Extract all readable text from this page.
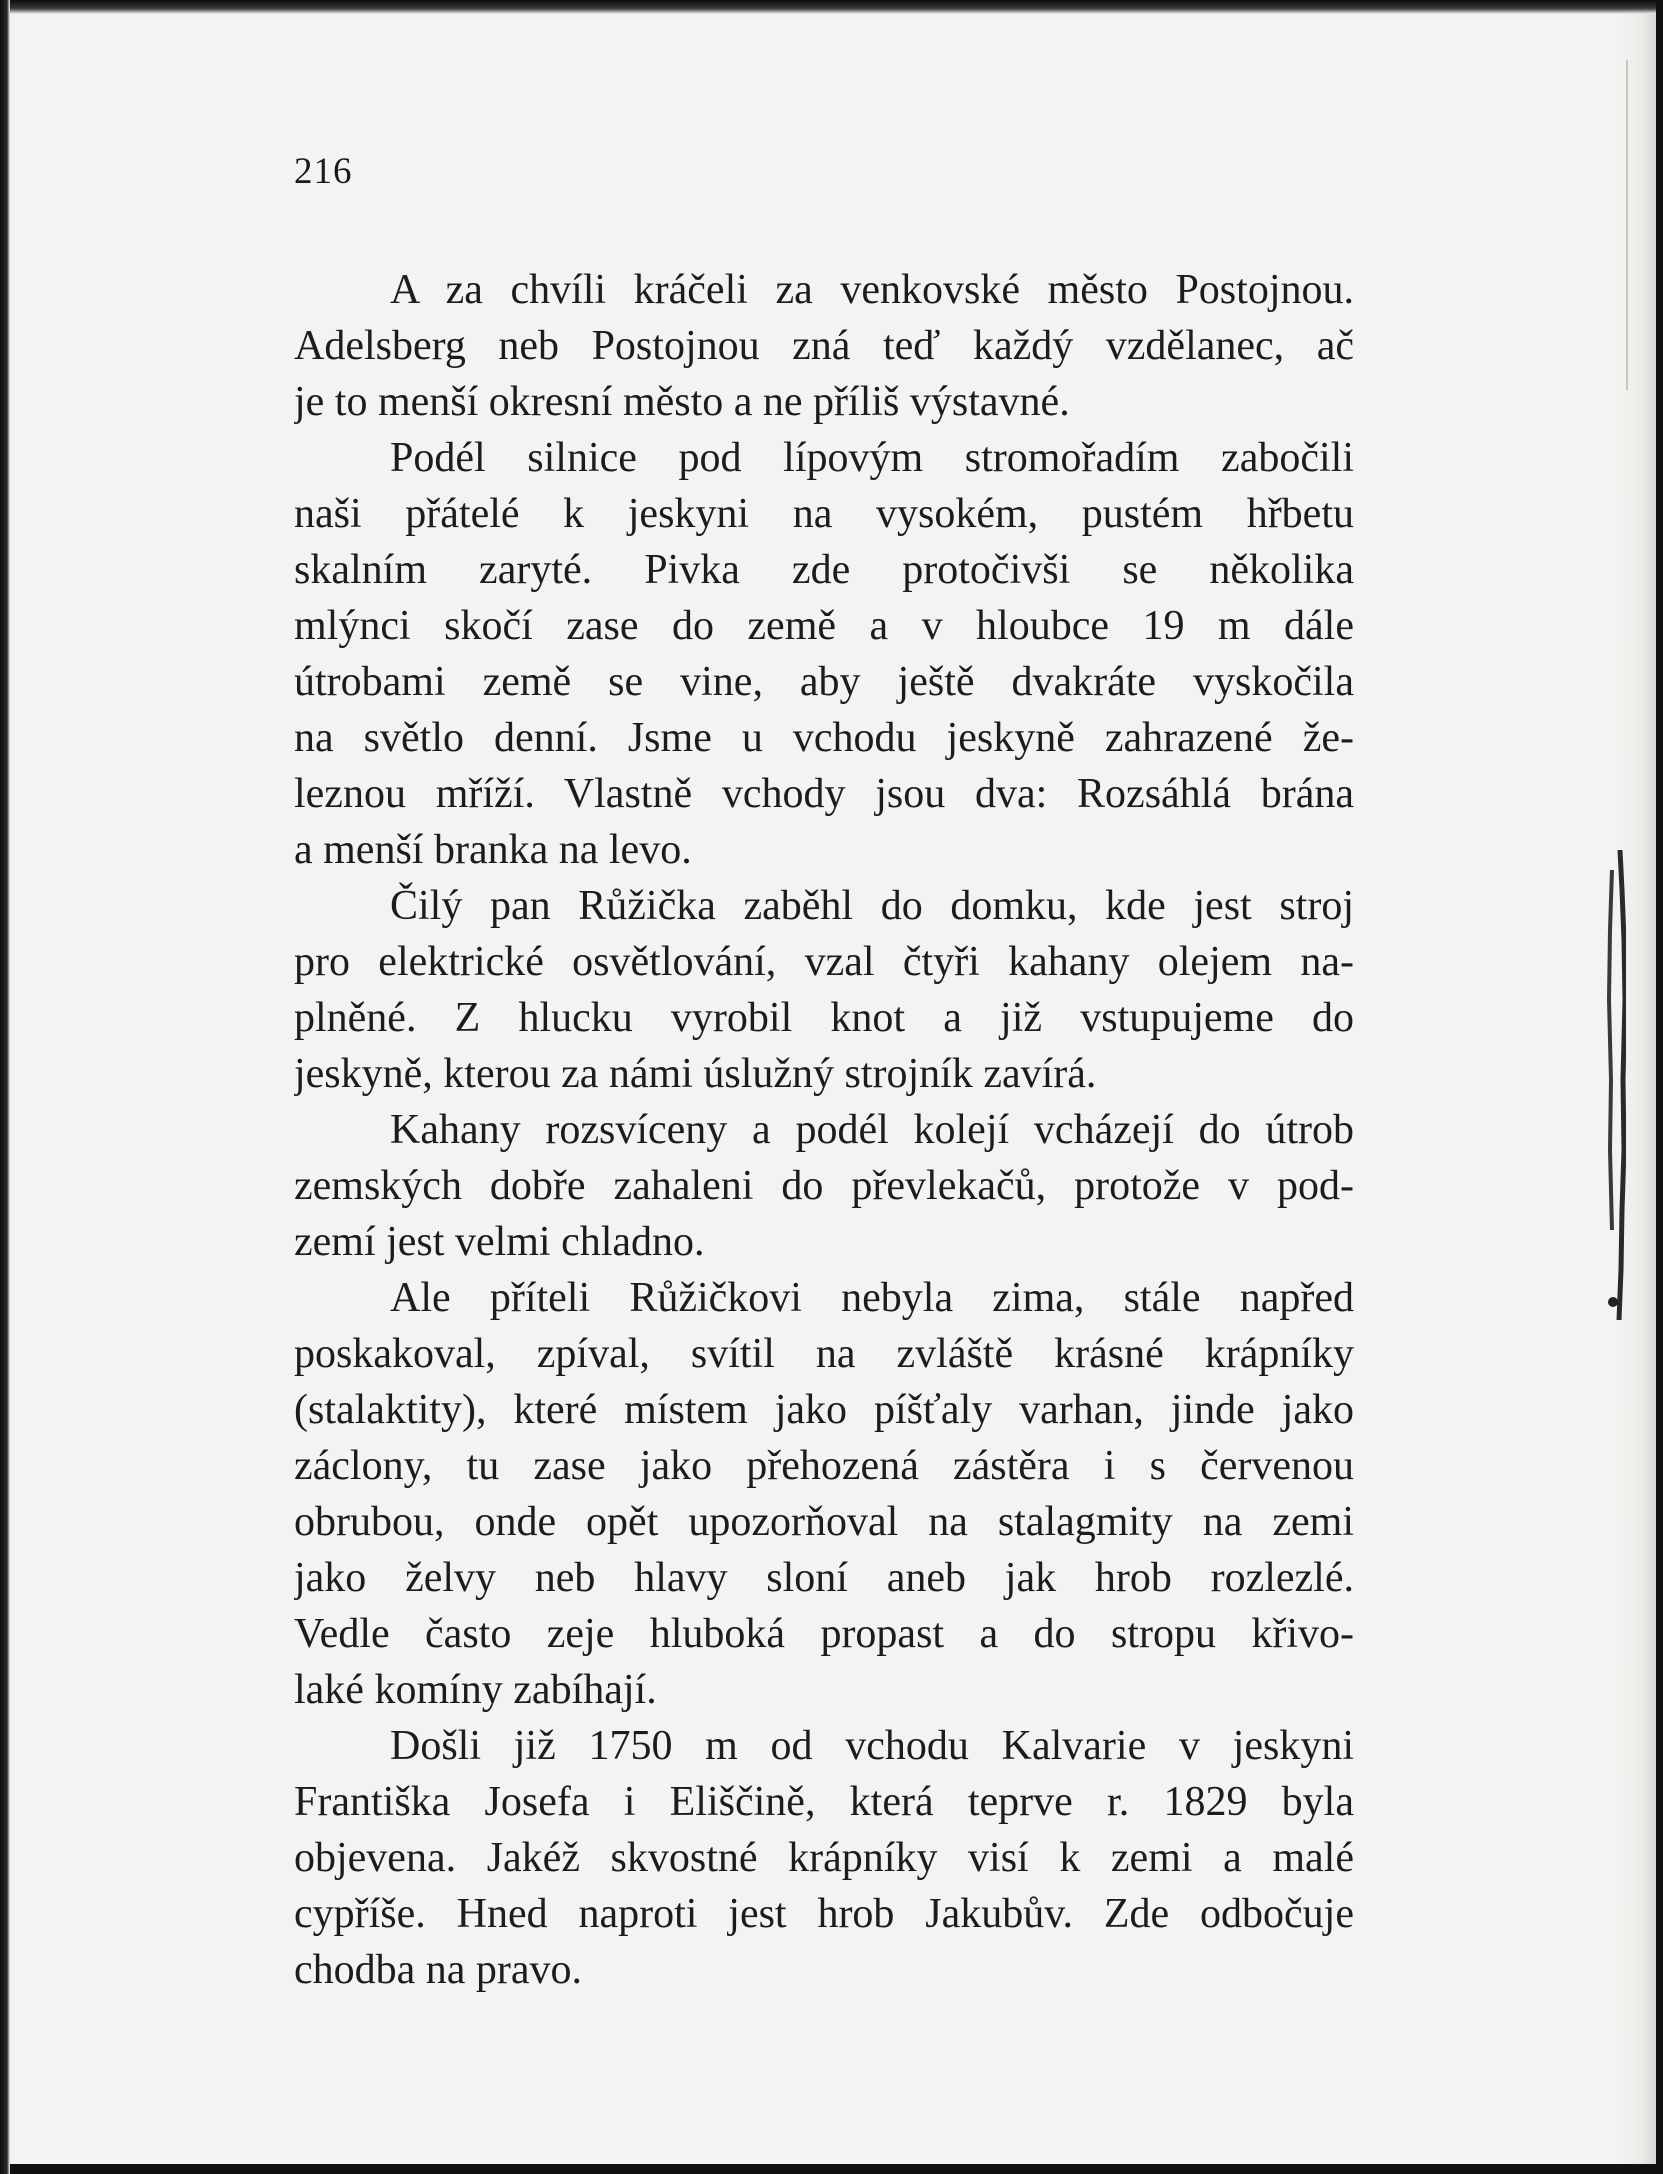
216
A za chvíli kráčeli za venkovské město Postojnou.
Adelsberg neb Postojnou zná teď každý vzdělanec, ač
je to menší okresní město a ne příliš výstavné.
Podél silnice pod lípovým stromořadím zabočili
naši přátelé k jeskyni na vysokém, pustém hřbetu
skalním zaryté. Pivka zde protočivši se několika
mlýnci skočí zase do země a v hloubce 19 m dále
útrobami země se vine, aby ještě dvakráte vyskočila
na světlo denní. Jsme u vchodu jeskyně zahrazené že-
leznou mříží. Vlastně vchody jsou dva: Rozsáhlá brána
a menší branka na levo.
Čilý pan Růžička zaběhl do domku, kde jest stroj
pro elektrické osvětlování, vzal čtyři kahany olejem na-
plněné. Z hlucku vyrobil knot a již vstupujeme do
jeskyně, kterou za námi úslužný strojník zavírá.
Kahany rozsvíceny a podél kolejí vcházejí do útrob
zemských dobře zahaleni do převlekačů, protože v pod-
zemí jest velmi chladno.
Ale příteli Růžičkovi nebyla zima, stále napřed
poskakoval, zpíval, svítil na zvláště krásné krápníky
(stalaktity), které místem jako píšťaly varhan, jinde jako
záclony, tu zase jako přehozená zástěra i s červenou
obrubou, onde opět upozorňoval na stalagmity na zemi
jako želvy neb hlavy sloní aneb jak hrob rozlezlé.
Vedle často zeje hluboká propast a do stropu křivo-
laké komíny zabíhají.
Došli již 1750 m od vchodu Kalvarie v jeskyni
Františka Josefa i Eliščině, která teprve r. 1829 byla
objevena. Jakéž skvostné krápníky visí k zemi a malé
cypříše. Hned naproti jest hrob Jakubův. Zde odbočuje
chodba na pravo.
